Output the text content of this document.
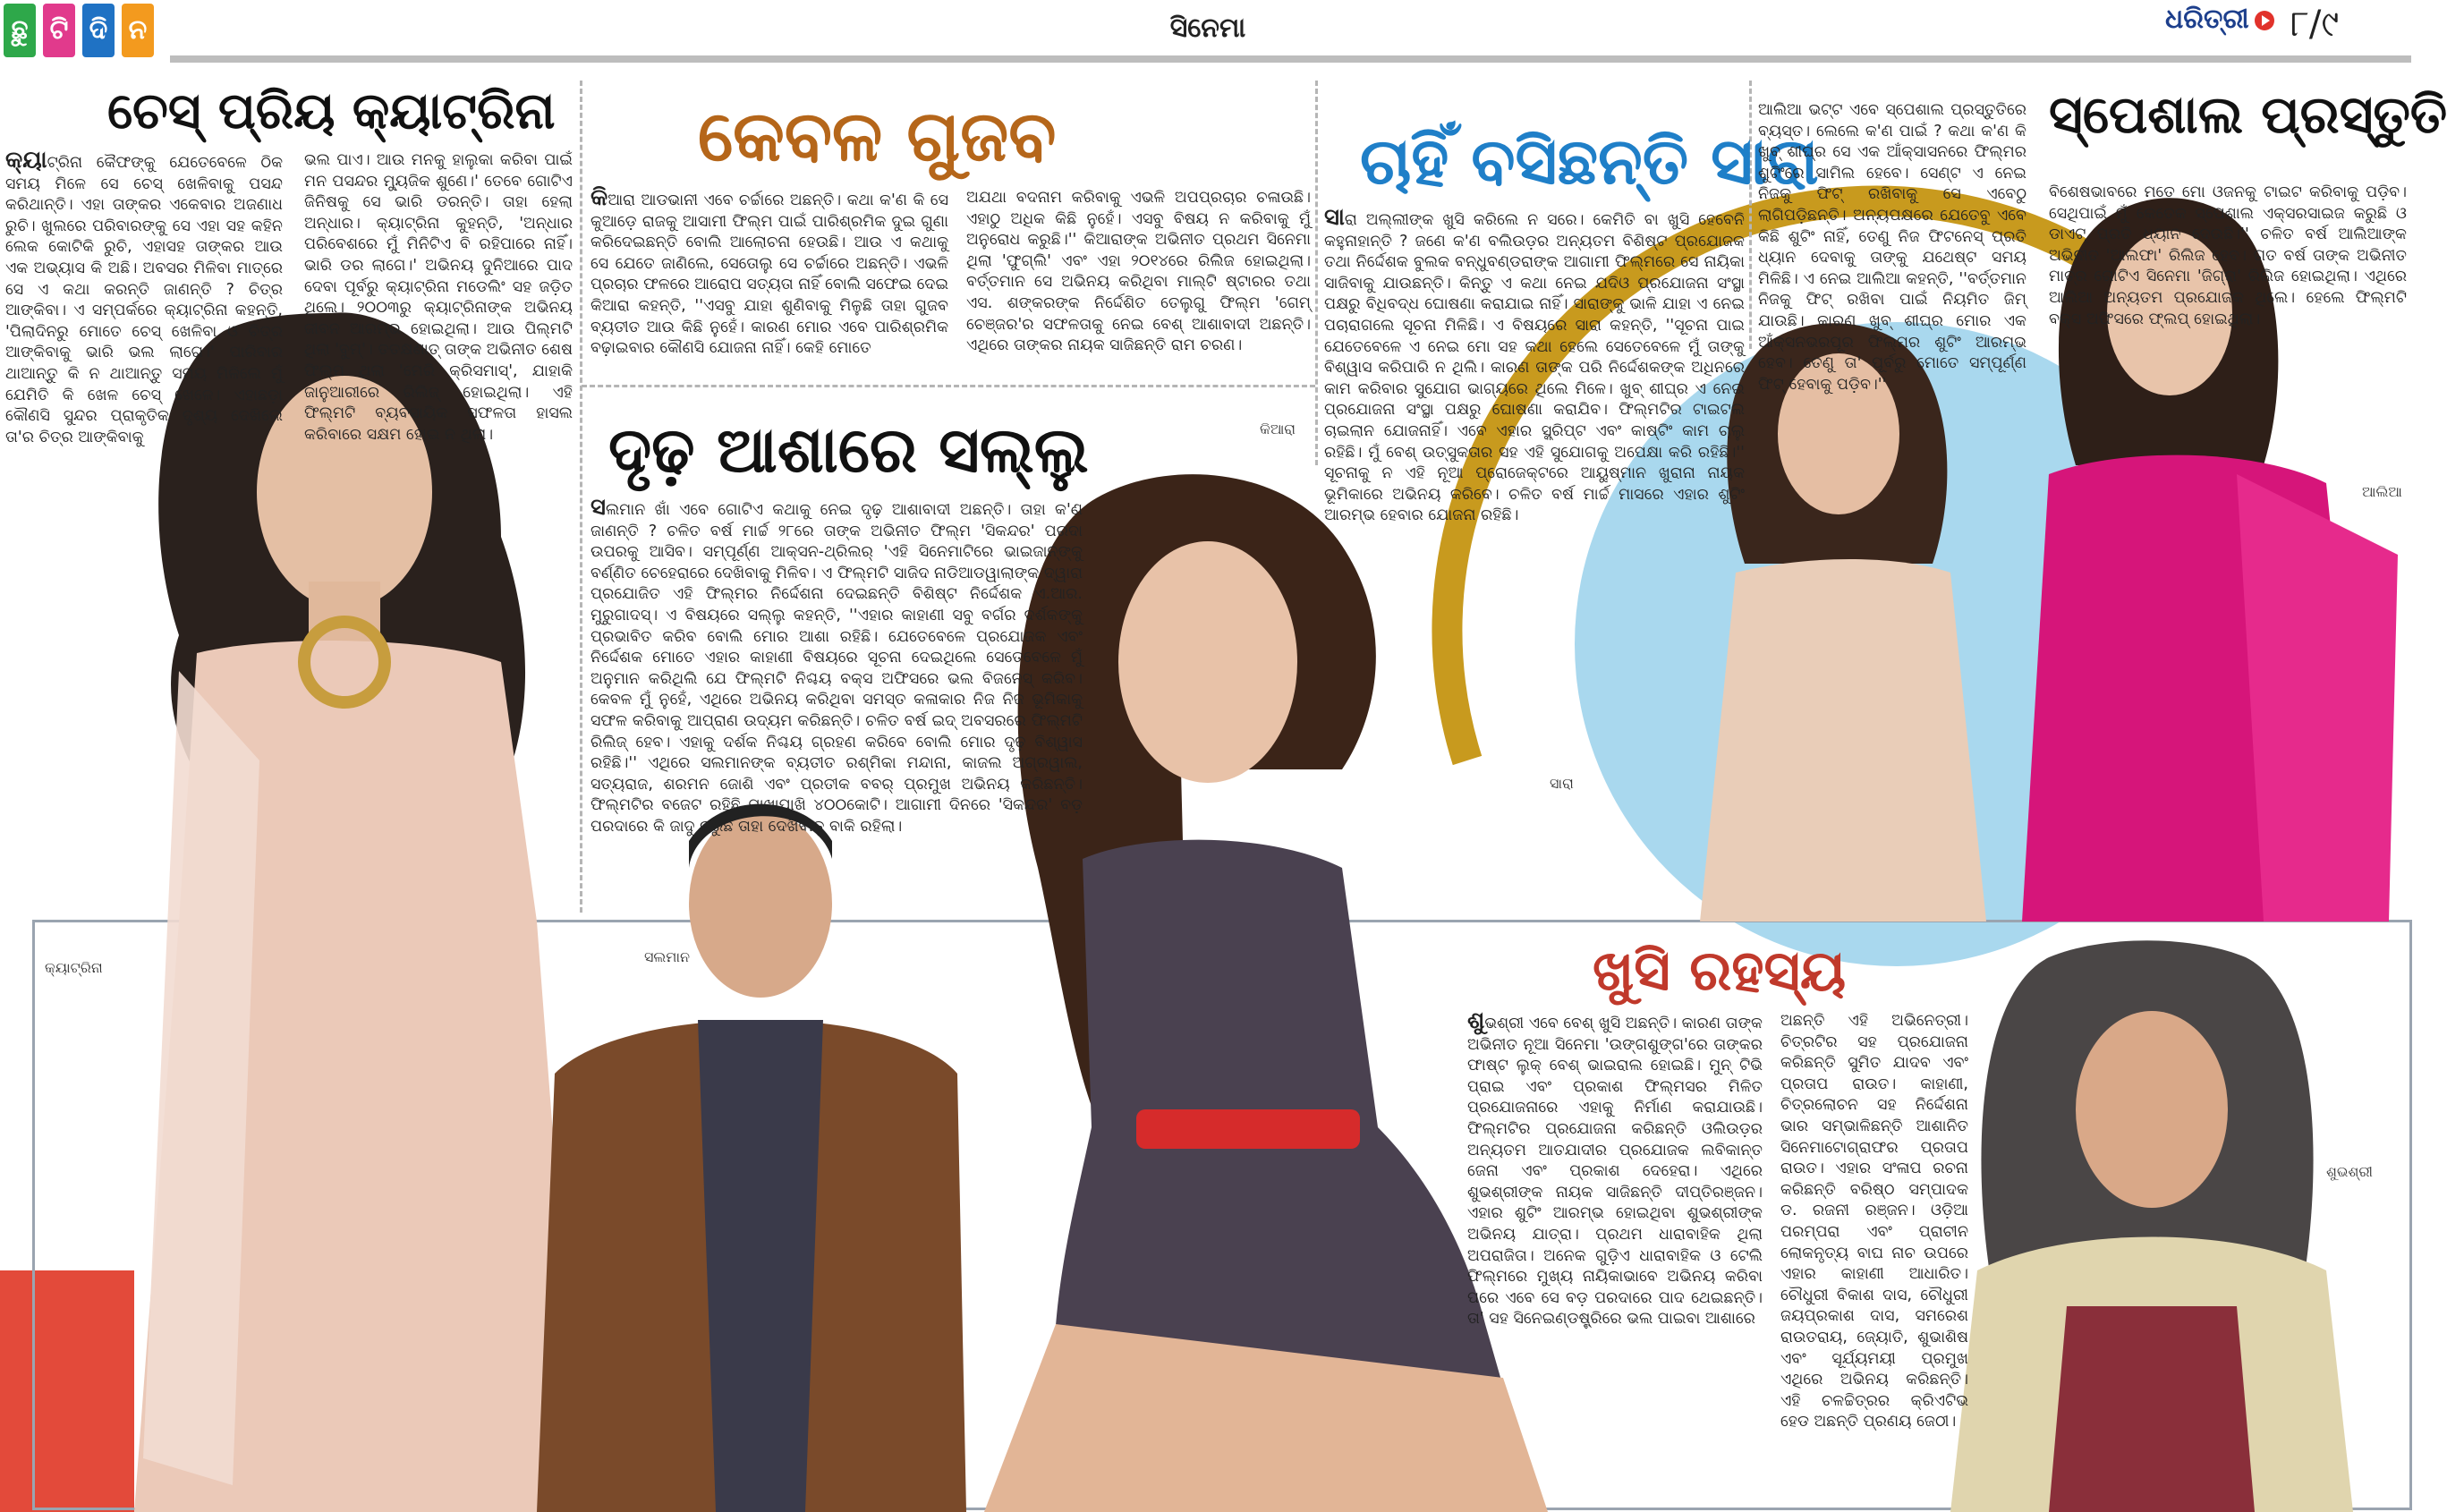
ଛୁ ଟି ଦି ନ	ସିନେମା	ଧରିତ୍ରୀ	୮/୯
ଚେସ୍ ପ୍ରିୟ କ୍ୟାଟ୍ରିନା କେବଳ ଗୁଜବ	ଚାହିଁ ବସିଛନ୍ତି ସାରା
ସ୍ପେଶାଲ ପ୍ରସ୍ତୁତି
ଦୃଢ଼ ଆଶାରେ ସଲ୍ଲୁ
ଖୁସି ରହସ୍ୟ
କ୍ୟାଟ୍ରିନା କୈଫଙ୍କୁ ଯେତେବେଳେ ଠିକ ସମୟ ମିଳେ ସେ ଚେସ୍ ଖେଳିବାକୁ ପସନ୍ଦ କରିଥାନ୍ତି। ଏହା ତାଙ୍କର ଏକେବାର ଅଜଣାଧ ରୁଚି। ଖୁଲରେ ପରିବାରଙ୍କୁ ସେ ଏହା ସହ କହିନ ଲେକ କୋଟିକି ରୁଚି, ଏହାସହ ତାଙ୍କର ଆଉ ଏକ ଅଭ୍ୟାସ କି ଅଛି। ଅବସର ମିଳିବା ମାତ୍ରେ ସେ ଏ କଥା କରନ୍ତି ଜାଣନ୍ତି ? ଚିତ୍ର ଆଙ୍କିବା। ଏ ସମ୍ପର୍କରେ କ୍ୟାଟ୍ରିନା କହନ୍ତି, 'ପିଲାଦିନରୁ ମୋତେ ଚେସ୍ ଖେଳିବା ଓ ଚିତ୍ର ଆଙ୍କିବାକୁ ଭାରି ଭଲ ଲାଗେ।' ପାରିବାର ଥାଆନ୍ତୁ କି ନ ଥାଆନ୍ତୁ ସମୟ ମିଳିଲେ ମୁଁ ଯେମିତି କି ଖେଳ ଚେସ୍ ଖେଳେ। ଏହାଛଡ଼ା କୌଣସି ସୁନ୍ଦର ପ୍ରାକୃତିକ ଦୃଶ୍ୟ ଦେଖିଲେ ତା'ର ଚିତ୍ର ଆଙ୍କିବାକୁ
ଭଲ ପାଏ। ଆଉ ମନକୁ ହାଲୁକା କରିବା ପାଇଁ ମନ ପସନ୍ଦର ମ୍ୟୁଜିକ ଶୁଣେ।' ତେବେ ଗୋଟିଏ ଜିନିଷକୁ ସେ ଭାରି ଡରନ୍ତି। ତାହା ହେଲା ଅନ୍ଧାର। କ୍ୟାଟ୍ରିନା କୁହନ୍ତି, 'ଅନ୍ଧାର ପରିବେଶରେ ମୁଁ ମିନିଟିଏ ବି ରହିପାରେ ନାହିଁ। ଭାରି ଡର ଲାଗେ।' ଅଭିନୟ ଦୁନିଆରେ ପାଦ ଦେବା ପୂର୍ବରୁ କ୍ୟାଟ୍ରିନା ମଡେଲିଂ ସହ ଜଡ଼ିତ ଥିଲେ। ୨୦୦୩ରୁ କ୍ୟାଟ୍ରିନାଙ୍କ ଅଭିନୟ ଜୀବନ ଆରମ୍ଭ ହୋଇଥିଲା। ଆଉ ପିଲ୍ମଟି ଥିଲା 'ବୁମ୍'। ତତକ୍ଷଣାତ୍ ତାଙ୍କ ଅଭିନୀତ ଶେଷ ଫିଲ୍ମ ଥିଲା 'ମେରି କ୍ରିସମାସ୍', ଯାହାକି ଜାନୁଆରୀରେ ରିଲିଜ୍ ହୋଇଥିଲା। ଏହି ଫିଲ୍ମଟି ବ୍ୟବସାୟିକ ସଫଳତା ହାସଲ କରିବାରେ ସକ୍ଷମ ହୋଇ ନ ଥିଲା।
କିଆରା ଆଡଭାନୀ ଏବେ ଚର୍ଚ୍ଚାରେ ଅଛନ୍ତି। କଥା କ'ଣ କି ସେ କୁଆଡ଼େ ରାଜକୁ ଆସାମୀ ଫିଲ୍ମ ପାଇଁ ପାରିଶ୍ରମିକ ଦୁଇ ଗୁଣା କରିଦେଇଛନ୍ତି ବୋଲି ଆଲୋଚନା ହେଉଛି। ଆଉ ଏ କଥାକୁ ସେ ଯେତେ ଜାଣିଲେ, ସେତୋଲୁ ସେ ଚର୍ଚ୍ଚାରେ ଅଛନ୍ତି। ଏଭଳି ପ୍ରଚାର ଫଳରେ ଆରୋପ ସତ୍ୟତା ନାହିଁ ବୋଲି ସଫେଇ ଦେଇ କିଆରା କହନ୍ତି, ''ଏସବୁ ଯାହା ଶୁଣିବାକୁ ମିଳୁଛି ତାହା ଗୁଜବ ବ୍ୟତୀତ ଆଉ କିଛି ନୁହେଁ। କାରଣ ମୋର ଏବେ ପାରିଶ୍ରମିକ ବଢ଼ାଇବାର କୌଣସି ଯୋଜନା ନାହିଁ। କେହି ମୋତେ
ଅଯଥା ବଦନାମ କରିବାକୁ ଏଭଳି ଅପପ୍ରଚାର ଚଳାଉଛି। ଏହାଠୁ ଅଧିକ କିଛି ନୁହେଁ। ଏସବୁ ବିଷୟ ନ କରିବାକୁ ମୁଁ ଅନୁରୋଧ କରୁଛି।'' କିଆରାଙ୍କ ଅଭିନୀତ ପ୍ରଥମ ସିନେମା ଥିଲା 'ଫୁଗ୍ଲି' ଏବଂ ଏହା ୨୦୧୪ରେ ରିଲିଜ ହୋଇଥିଲା। ବର୍ତ୍ତମାନ ସେ ଅଭିନୟ କରିଥିବା ମାଲ୍ଟି ଷ୍ଟାରର ତଥା ଏସ. ଶଙ୍କରଙ୍କ ନିର୍ଦ୍ଦେଶିତ ତେଲୁଗୁ ଫିଲ୍ମ 'ଗେମ୍ ଚେଞ୍ଜର'ର ସଫଳତାକୁ ନେଇ ବେଶ୍ ଆଶାବାଦୀ ଅଛନ୍ତି। ଏଥିରେ ତାଙ୍କର ନାୟକ ସାଜିଛନ୍ତି ରାମ ଚରଣ।
ସଲମାନ ଖାଁ ଏବେ ଗୋଟିଏ କଥାକୁ ନେଇ ଦୃଢ଼ ଆଶାବାଦୀ ଅଛନ୍ତି। ତାହା କ'ଣ ଜାଣନ୍ତି ? ଚଳିତ ବର୍ଷ ମାର୍ଚ୍ଚ ୨୮ରେ ତାଙ୍କ ଅଭିନୀତ ଫିଲ୍ମ 'ସିକନ୍ଦର' ପରଦା ଉପରକୁ ଆସିବ। ସମ୍ପୂର୍ଣ୍ଣ ଆକ୍ସନ-ଥ୍ରିଲର୍ 'ଏହି ସିନେମାଟିରେ ଭାଇଜାନ୍ଙ୍କୁ ବର୍ଣ୍ଣିତ ଚେହେରାରେ ଦେଖିବାକୁ ମିଳିବ। ଏ ଫିଲ୍ମଟି ସାଜିଦ ନାଡିଆଡୱାଲାଙ୍କ ଦ୍ୱାରା ପ୍ରଯୋଜିତ ଏହି ଫିଲ୍ମର ନିର୍ଦ୍ଦେଶନା ଦେଇଛନ୍ତି ବିଶିଷ୍ଟ ନିର୍ଦ୍ଦେଶକ ଏ.ଆର. ମୁରୁଗାଦସ୍। ଏ ବିଷୟରେ ସଲ୍ଲୁ କହନ୍ତି, ''ଏହାର କାହାଣୀ ସବୁ ବର୍ଗର ଦର୍ଶକଙ୍କୁ ପ୍ରଭାବିତ କରିବ ବୋଲି ମୋର ଆଶା ରହିଛି। ଯେତେବେଳେ ପ୍ରଯୋଜକ ଏବଂ ନିର୍ଦ୍ଦେଶକ ମୋତେ ଏହାର କାହାଣୀ ବିଷୟରେ ସୂଚନା ଦେଇଥିଲେ ସେତେବେଳେ ମୁଁ ଅନୁମାନ କରିଥିଲି ଯେ ଫିଲ୍ମଟି ନିଶ୍ଚୟ ବକ୍ସ ଅଫିସରେ ଭଲ ବିଜନେସ୍ କରିବ। କେବଳ ମୁଁ ନୁହେଁ, ଏଥିରେ ଅଭିନୟ କରିଥିବା ସମସ୍ତ କଳାକାର ନିଜ ନିଜ ଭୂମିକାକୁ ସଫଳ କରିବାକୁ ଆପ୍ରାଣ ଉଦ୍ୟମ କରିଛନ୍ତି। ଚଳିତ ବର୍ଷ ଇଦ୍ ଅବସରରେ ଫିଲ୍ମଟି ରିଲିଜ୍ ହେବ। ଏହାକୁ ଦର୍ଶକ ନିଶ୍ଚୟ ଗ୍ରହଣ କରିବେ ବୋଲି ମୋର ଦୃଢ଼ ବିଶ୍ୱାସ ରହିଛି।'' ଏଥିରେ ସଲମାନଙ୍କ ବ୍ୟତୀତ ରଶ୍ମିକା ମନ୍ଦାନା, କାଜଲ ଅଗ୍ରୱାଲ, ସତ୍ୟରାଜ, ଶରମନ ଜୋଶି ଏବଂ ପ୍ରତୀକ ବବର୍ ପ୍ରମୁଖ ଅଭିନୟ କରିଛନ୍ତି। ଫିଲ୍ମଟିର ବଜେଟ ରହିଛି ପାଖାପାଖି ୪୦୦କୋଟି। ଆଗାମୀ ଦିନରେ 'ସିକନ୍ଦର' ବଡ଼ ପରଦାରେ କି ଜାଦୁ କରୁଛି ତାହା ଦେଖିବାକୁ ବାକି ରହିଲା।
ସାରା ଅଲ୍ଲୀଙ୍କ ଖୁସି କରିଲେ ନ ସରେ। କେମିତି ବା ଖୁସି ହେବେନି କହୁନାହାନ୍ତି ? ଜଣେ କ'ଣ ବଲିଉଡ଼ର ଅନ୍ୟତମ ବିଶିଷ୍ଟ ପ୍ରଯୋଜକ ତଥା ନିର୍ଦ୍ଦେଶକ ବୁଲକ ବନ୍ଧୁବଣ୍ଡରାଙ୍କ ଆଗାମୀ ଫିଲ୍ମରେ ସେ ନାୟିକା ସାଜିବାକୁ ଯାଉଛନ୍ତି। କିନ୍ତୁ ଏ କଥା ନେଇ ଯଦିଓ ପ୍ରଯୋଜନା ସଂସ୍ଥା ପକ୍ଷରୁ ବିଧିବଦ୍ଧ ଘୋଷଣା କରାଯାଇ ନାହିଁ। ସାରାଙ୍କୁ ଭାଳି ଯାହା ଏ ନେଇ ପଚାରାଗଲେ ସୂଚନା ମିଳିଛି। ଏ ବିଷୟରେ ସାରା କହନ୍ତି, ''ସୂଚନା ପାଇ ଯେତେବେଳେ ଏ ନେଇ ମୋ ସହ କଥା ହେଲେ ସେତେବେଳେ ମୁଁ ତାଙ୍କୁ ବିଶ୍ୱାସ କରିପାରି ନ ଥିଲି। କାରଣ ତାଙ୍କ ପରି ନିର୍ଦ୍ଦେଶକଙ୍କ ଅଧିନରେ କାମ କରିବାର ସୁଯୋଗ ଭାଗ୍ୟରେ ଥିଲେ ମିଳେ। ଖୁବ୍ ଶୀଘ୍ର ଏ ନେଇ ପ୍ରଯୋଜନା ସଂସ୍ଥା ପକ୍ଷରୁ ଘୋଷଣା କରାଯିବ। ଫିଲ୍ମଟିର ଟାଇଟଲ ଚାଇଲାନ ଯୋଜନାହିଁ। ଏବେ ଏହାର ସ୍କ୍ରିପ୍ଟ ଏବଂ କାଷ୍ଟିଂ କାମ ଚାଲୁ ରହିଛି। ମୁଁ ବେଶ୍ ଉତ୍ସୁକତାର ସହ ଏହି ସୁଯୋଗକୁ ଅପେକ୍ଷା କରି ରହିଛି।'' ସୂଚନାକୁ ନ ଏହି ନୂଆ ପ୍ରୋଜେକ୍ଟରେ ଆୟୁଷ୍ମାନ ଖୁରାନା ନାୟକ ଭୂମିକାରେ ଅଭିନୟ କରିବେ। ଚଳିତ ବର୍ଷ ମାର୍ଚ୍ଚ ମାସରେ ଏହାର ଶୁଟିଂ ଆରମ୍ଭ ହେବାର ଯୋଜନା ରହିଛି।
ଆଲିଆ ଭଟ୍ଟ ଏବେ ସ୍ପେଶାଲ ପ୍ରସ୍ତୁତିରେ ବ୍ୟସ୍ତ। ଲେଲେ କ'ଣ ପାଇଁ ? କଥା କ'ଣ କି ଖୁବ୍ ଶୀଘ୍ର ସେ ଏକ ଆଁକ୍ସାସନରେ ଫିଲ୍ମର ଶୁଟିଂରେ ସାମିଲ ହେବେ। ସେଣ୍ଟ ଏ ନେଇ ନିଜକୁ ଫିଟ୍ ରଖିବାକୁ ସେ ଏବେଠୁ ଲାଗିପଡ଼ିଛନ୍ତି। ଅନ୍ୟପକ୍ଷରେ ଯେତେବୁ ଏବେ କିଛି ଶୁଟିଂ ନାହିଁ, ତେଣୁ ନିଜ ଫିଟନେସ୍ ପ୍ରତି ଧ୍ୟାନ ଦେବାକୁ ତାଙ୍କୁ ଯଥେଷ୍ଟ ସମୟ ମିଳିଛି। ଏ ନେଇ ଆଲିଆ କହନ୍ତି, ''ବର୍ତ୍ତମାନ ନିଜକୁ ଫିଟ୍ ରଖିବା ପାଇଁ ନିୟମିତ ଜିମ୍ ଯାଉଛି। କାରଣ ଖୁବ୍ ଶୀଘ୍ର ମୋର ଏକ ଆଁକ୍ସନଭରପୂର ଫିଲ୍ମର ଶୁଟିଂ ଆରମ୍ଭ ହେବ। ତେଣୁ ତା' ପୂର୍ବରୁ ମୋତେ ସମ୍ପୂର୍ଣ୍ଣ ଫିଟ୍ ହେବାକୁ ପଡ଼ିବ।''
ବିଶେଷଭାବରେ ମତେ ମୋ ଓଜନକୁ ଟାଇଟ କରିବାକୁ ପଡ଼ିବ। ସେଥିପାଇଁ ମୁଁ କେତେକ ସ୍ପେଶାଲ ଏକ୍ସରସାଇଜ କରୁଛି ଓ ଡାଏଟ୍ ପ୍ରତି ଧ୍ୟାନ ଦେଉଛି।'' ଚଳିତ ବର୍ଷ ଆଲିଆଙ୍କ ଅଭିନୀତ 'ଆଲଫା' ରିଲିଜ ହେବ। ଗତ ବର୍ଷ ତାଙ୍କ ଅଭିନୀତ ମାତ୍ର ଗୋଟିଏ ସିନେମା 'ଜିଗ୍ରା' ରିଲିଜ ହୋଇଥିଲା। ଏଥିରେ ଆଲିଆ ଅନ୍ୟତମ ପ୍ରଯୋଜକ ଥିଲେ। ହେଲେ ଫିଲ୍ମଟି ବକ୍ସ ଅଫିସରେ ଫ୍ଲପ୍ ହୋଇଥିଲା।
ଶୁଭଶ୍ରୀ ଏବେ ବେଶ୍ ଖୁସି ଅଛନ୍ତି। କାରଣ ତାଙ୍କ ଅଭିନୀତ ନୂଆ ସିନେମା 'ଉଙ୍ଗଶୁଙ୍ଗ'ରେ ତାଙ୍କର ଫାଷ୍ଟ ଲୁକ୍ ବେଶ୍ ଭାଇରାଲ ହୋଇଛି। ମୁନ୍ ଟିଭି ପ୍ରାଇ ଏବଂ ପ୍ରକାଶ ଫିଲ୍ମସର ମିଳିତ ପ୍ରଯୋଜନାରେ ଏହାକୁ ନିର୍ମାଣ କରାଯାଉଛି। ଫିଲ୍ମଟିର ପ୍ରଯୋଜନା କରିଛନ୍ତି ଓଲିଉଡ଼ର ଅନ୍ୟତମ ଆତଯାଦୀର ପ୍ରଯୋଜକ ଲବିକାନ୍ତ ଜେନା ଏବଂ ପ୍ରକାଶ ଦେହେରା। ଏଥିରେ ଶୁଭଶ୍ରୀଙ୍କ ନାୟକ ସାଜିଛନ୍ତି ଦୀପ୍ତିରଞ୍ଜନ। ଏହାର ଶୁଟିଂ ଆରମ୍ଭ ହୋଇଥିବା ଶୁଭଶ୍ରୀଙ୍କ ଅଭିନୟ ଯାତ୍ରା। ପ୍ରଥମ ଧାରାବାହିକ ଥିଲା ଅପରାଜିତା। ଅନେକ ଗୁଡ଼ିଏ ଧାରାବାହିକ ଓ ଟେଲି ଫିଲ୍ମରେ ମୁଖ୍ୟ ନାୟିକାଭାବେ ଅଭିନୟ କରିବା ପରେ ଏବେ ସେ ବଡ଼ ପରଦାରେ ପାଦ ଥେଇଛନ୍ତି। ତା' ସହ ସିନେଇଣ୍ଡଷ୍ଟ୍ରିରେ ଭଲ ପାଇବା ଆଶାରେ
ଅଛନ୍ତି ଏହି ଅଭିନେତ୍ରୀ। ଚିତ୍ରଟିର ସହ ପ୍ରଯୋଜନା କରିଛନ୍ତି ସୁମିତ ଯାଦବ ଏବଂ ପ୍ରତାପ ରାଉତ। କାହାଣୀ, ଚିତ୍ରଲୋଚନ ସହ ନିର୍ଦ୍ଦେଶନା ଭାର ସମ୍ଭାଳିଛନ୍ତି ଆଶାନିତ ସିନେମାଟୋଗ୍ରାଫର ପ୍ରତାପ ରାଉତ। ଏହାର ସଂଳାପ ରଚନା କରିଛନ୍ତି ବରିଷ୍ଠ ସମ୍ପାଦକ ଡ. ରଜନୀ ରଞ୍ଜନ। ଓଡ଼ିଆ ପରମ୍ପରା ଏବଂ ପ୍ରାଚୀନ ଲୋକନୃତ୍ୟ ବାଘ ନାଚ ଉପରେ ଏହାର କାହାଣୀ ଆଧାରିତ। ଚୌଧୁରୀ ବିକାଶ ଦାସ, ଚୌଧୁରୀ ଜୟପ୍ରକାଶ ଦାସ, ସମରେଶ ରାଉତରାୟ, ଜ୍ୟୋତି, ଶୁଭାଶିଷ ଏବଂ ସୂର୍ଯ୍ୟମୟୀ ପ୍ରମୁଖ ଏଥିରେ ଅଭିନୟ କରିଛନ୍ତି। ଏହି ଚଳଚ୍ଚିତ୍ରର କ୍ରିଏଟିଭ ହେଡ ଅଛନ୍ତି ପ୍ରଣୟ ଜେଠୀ।
କ୍ୟାଟ୍ରିନା
ସଲମାନ
କିଆରା
ସାରା
ଆଲିଆ
ଶୁଭଶ୍ରୀ
